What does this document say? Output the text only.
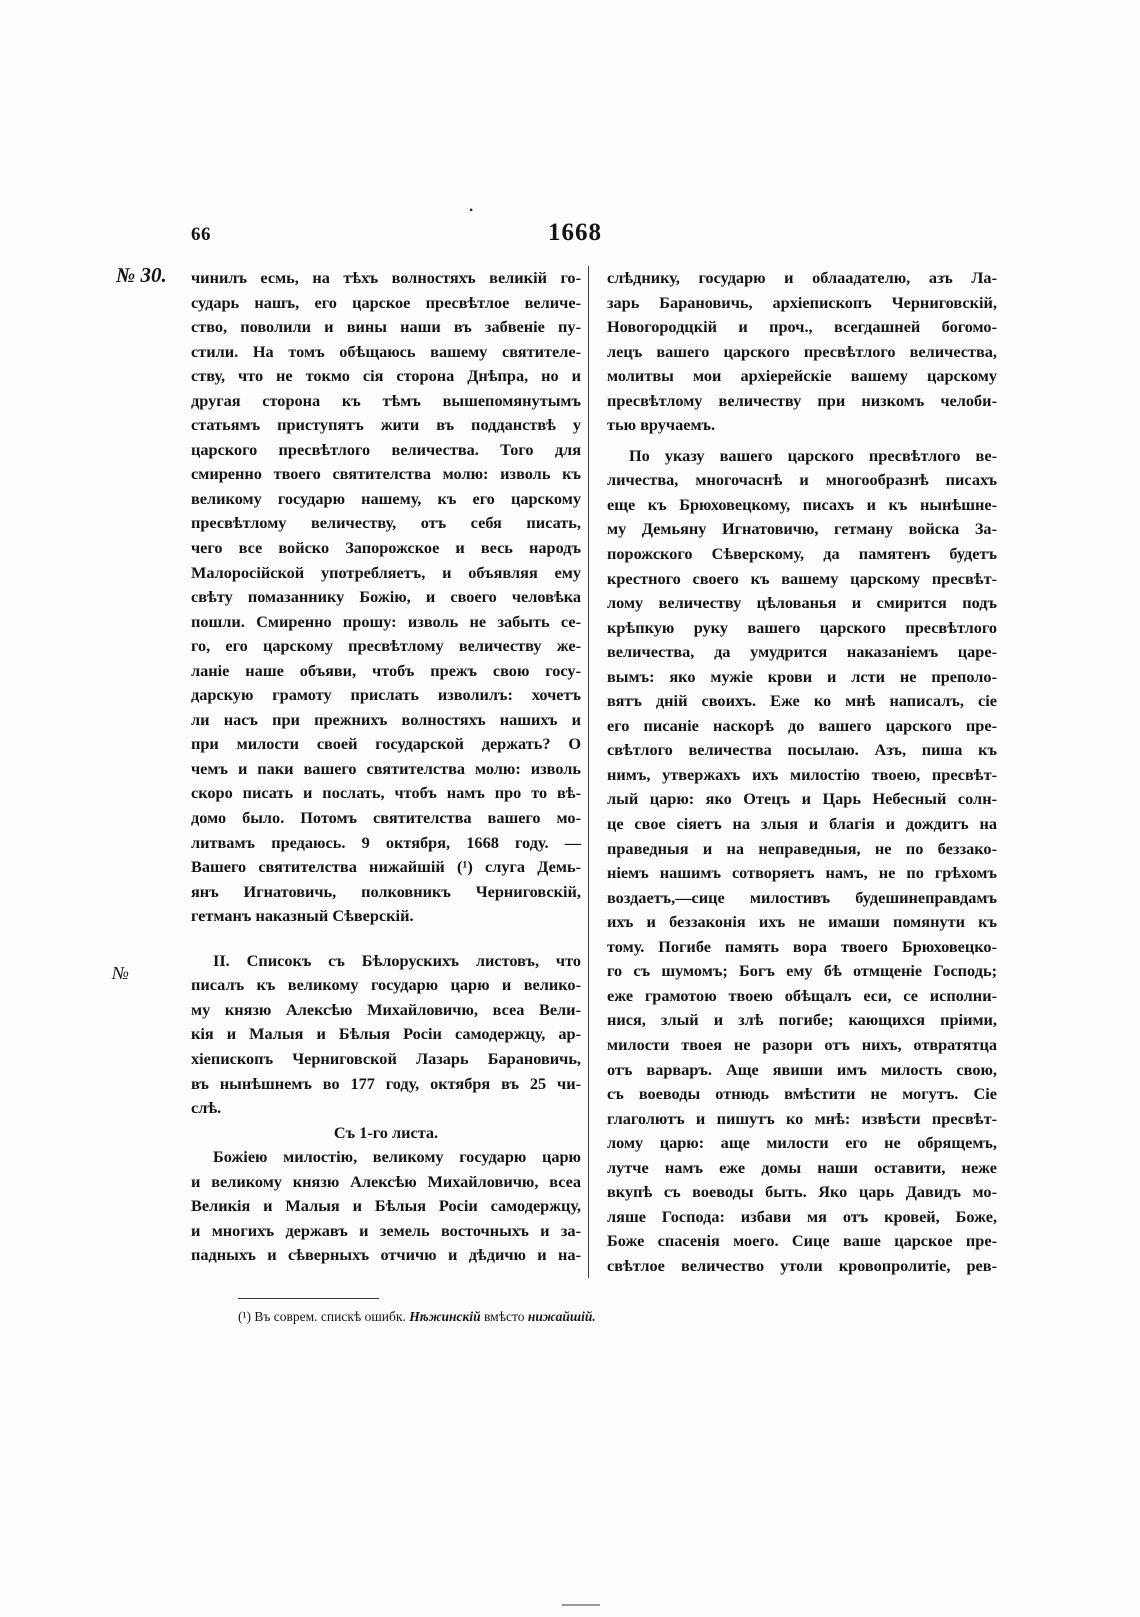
66	1668
№ 30.
№
•
чинилъ есмь, на тѣхъ волностяхъ великій го-
сударь нашъ, его царское пресвѣтлое величе-
ство, поволили и вины наши въ забвеніе пу-
стили. На томъ обѣщаюсь вашему святителе-
ству, что не токмо сія сторона Днѣпра, но и
другая сторона къ тѣмъ вышепомянутымъ
статьямъ приступятъ жити въ подданствѣ у
царского пресвѣтлого величества. Того для
смиренно твоего святителства молю: изволь къ
великому государю нашему, къ его царскому
пресвѣтлому величеству, отъ себя писать,
чего все войско Запорожское и весь народъ
Малоросійской употребляетъ, и объявляя ему
свѣту помазаннику Божію, и своего человѣка
пошли. Смиренно прошу: изволь не забыть се-
го, его царскому пресвѣтлому величеству же-
ланіе наше объяви, чтобъ прежъ свою госу-
дарскую грамоту прислать изволилъ: хочетъ
ли насъ при прежнихъ волностяхъ нашихъ и
при милости своей государской держать? О
чемъ и паки вашего святителства молю: изволь
скоро писать и послать, чтобъ намъ про то вѣ-
домо было. Потомъ святителства вашего мо-
литвамъ предаюсь. 9 октября, 1668 году. —
Вашего святителства нижайшій (¹) слуга Демь-
янъ Игнатовичь, полковникъ Черниговскій,
гетманъ наказный Сѣверскій.
II. Списокъ съ Бѣлорускихъ листовъ, что
писалъ къ великому государю царю и велико-
му князю Алексѣю Михайловичю, всеа Вели-
кія и Малыя и Бѣлыя Росіи самодержцу, ар-
хіепископъ Черниговской Лазарь Барановичь,
въ нынѣшнемъ во 177 году, октября въ 25 чи-
слѣ.
Съ 1-го листа.
Божіею милостію, великому государю царю
и великому князю Алексѣю Михайловичю, всеа
Великія и Малыя и Бѣлыя Росіи самодержцу,
и многихъ державъ и земель восточныхъ и за-
падныхъ и сѣверныхъ отчичю и дѣдичю и на-
слѣднику, государю и облаадателю, азъ Ла-
зарь Барановичь, архіепископъ Черниговскій,
Новогородцкій и проч., всегдашней богомо-
лецъ вашего царского пресвѣтлого величества,
молитвы мои архіерейскіе вашему царскому
пресвѣтлому величеству при низкомъ челоби-
тью вручаемъ.
По указу вашего царского пресвѣтлого ве-
личества, многочаснѣ и многообразнѣ писахъ
еще къ Брюховецкому, писахъ и къ нынѣшне-
му Демьяну Игнатовичю, гетману войска За-
порожского Сѣверскому, да памятенъ будетъ
крестного своего къ вашему царскому пресвѣт-
лому величеству цѣлованья и смирится подъ
крѣпкую руку вашего царского пресвѣтлого
величества, да умудрится наказаніемъ царе-
вымъ: яко мужіе крови и лсти не преполо-
вятъ дній своихъ. Еже ко мнѣ написалъ, сіе
его писаніе наскорѣ до вашего царского пре-
свѣтлого величества посылаю. Азъ, пиша къ
нимъ, утвержахъ ихъ милостію твоею, пресвѣт-
лый царю: яко Отецъ и Царь Небесный солн-
це свое сіяетъ на злыя и благія и дождитъ на
праведныя и на неправедныя, не по беззако-
ніемъ нашимъ сотворяетъ намъ, не по грѣхомъ
воздаетъ,—сице милостивъ будешинеправдамъ
ихъ и беззаконія ихъ не имаши помянути къ
тому. Погибе память вора твоего Брюховецко-
го съ шумомъ; Богъ ему бѣ отмщеніе Господь;
еже грамотою твоею обѣщалъ еси, се исполни-
нися, злый и злѣ погибе; кающихся пріими,
милости твоея не разори отъ нихъ, отвратятца
отъ варваръ. Аще явиши имъ милость свою,
съ воеводы отнюдь вмѣстити не могутъ. Сіе
глаголютъ и пишутъ ко мнѣ: извѣсти пресвѣт-
лому царю: аще милости его не обрящемъ,
лутче намъ еже домы наши оставити, неже
вкупѣ съ воеводы быть. Яко царь Давидъ мо-
ляше Господа: избави мя отъ кровей, Боже,
Боже спасенія моего. Сице ваше царское пре-
свѣтлое величество утоли кровопролитіе, рев-
(¹) Въ соврем. спискѣ ошибк. Нѣжинскій вмѣсто нижайшій.
